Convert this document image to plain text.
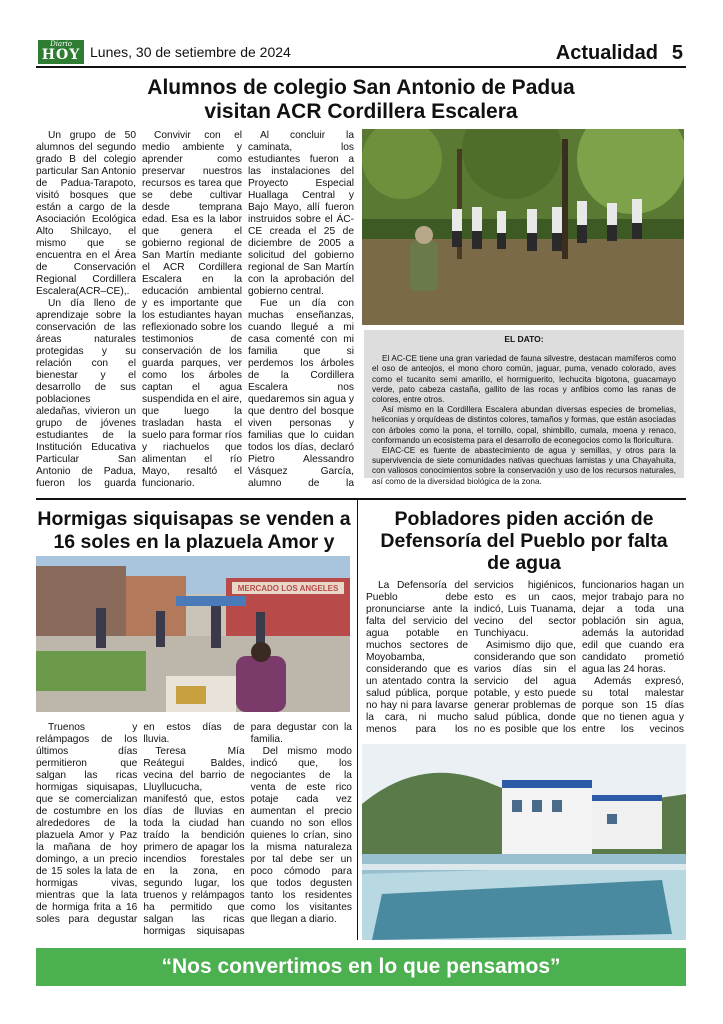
Diario
HOY Lunes, 30 de setiembre de 2024	Actualidad 5
Alumnos de colegio San Antonio de Padua
visitan ACR Cordillera Escalera

Un grupo de 50 alumnos del segundo grado B del colegio particular San Antonio de Padua-Tarapoto, visitó bosques que están a cargo de la Asociación Ecológica Alto Shilcayo, el mismo que se encuentra en el Área de Conservación Regional Cordillera Escalera(ACR–CE),.

Un día lleno de aprendizaje sobre la conservación de las áreas naturales protegidas y su relación con el bienestar y el desarrollo de sus poblaciones aledañas, vivieron un grupo de jóvenes estudiantes de la Institución Educativa Particular San Antonio de Padua, fueron los guarda

Convivir con el medio ambiente y aprender como preservar nuestros recursos es tarea que se debe cultivar desde temprana edad. Esa es la labor que genera el gobierno regional de San Martín mediante el ACR Cordillera Escalera en la educación ambiental y es importante que los estudiantes hayan reflexionado sobre los testimonios de conservación de los guarda parques, ver como los árboles captan el agua suspendida en el aire, que luego la trasladan hasta el suelo para formar ríos y riachuelos que alimentan el río Mayo, resaltó el funcionario.

Al concluir la caminata, los estudiantes fueron a las instalaciones del Proyecto Especial Huallaga Central y Bajo Mayo, allí fueron instruidos sobre el ÁC-CE creada el 25 de diciembre de 2005 a solicitud del gobierno regional de San Martín con la aprobación del gobierno central.

Fue un día con muchas enseñanzas, cuando llegué a mi casa comenté con mi familia que si perdemos los árboles de la Cordillera Escalera nos quedaremos sin agua y que dentro del bosque viven personas y familias que lo cuidan todos los días, declaró Pietro Alessandro Vásquez García, alumno de la

EL DATO:

El AC-CE tiene una gran variedad de fauna silvestre, destacan mamíferos como el oso de anteojos, el mono choro común, jaguar, puma, venado colorado, aves como el tucanito semi amarillo, el hormiguerito, lechucita bigotona, guacamayo verde, pato cabeza castaña, gallito de las rocas y anfibios como las ranas de colores, entre otros.

Así mismo en la Cordillera Escalera abundan diversas especies de bromelias, heliconias y orquídeas de distintos colores, tamaños y formas, que están asociadas con árboles como la pona, el tornillo, copal, shimbillo, cumala, moena y renaco, conformando un ecosistema para el desarrollo de econegocios como la floricultura.

EIAC-CE es fuente de abastecimiento de agua y semillas, y otros para la supervivencia de siete comunidades nativas quechuas lamistas y una Chayahuita, con valiosos conocimientos sobre la conservación y uso de los recursos naturales, así como de la diversidad biológica de la zona.

Hormigas siquisapas se venden a
16 soles en la plazuela Amor y
MERCADO LOS ANGELES

Truenos y relámpagos de los últimos días permitieron que salgan las ricas hormigas siquisapas, que se comercializan de costumbre en los alrededores de la plazuela Amor y Paz la mañana de hoy domingo, a un precio de 15 soles la lata de hormigas vivas, mientras que la lata de hormiga frita a 16 soles para degustar en estos días de lluvia.

Teresa Mía Reátegui Baldes, vecina del barrio de Lluyllucucha, manifestó que, estos días de lluvias en toda la ciudad han traído la bendición primero de apagar los incendios forestales en la zona, en segundo lugar, los truenos y relámpagos ha permitido que salgan las ricas hormigas siquisapas para degustar con la familia.

Del mismo modo indicó que, los negociantes de la venta de este rico potaje cada vez aumentan el precio cuando no son ellos quienes lo crían, sino la misma naturaleza por tal debe ser un poco cómodo para que todos degusten tanto los residentes como los visitantes que llegan a diario.

Pobladores piden acción de
Defensoría del Pueblo por falta
de agua

La Defensoría del Pueblo debe pronunciarse ante la falta del servicio del agua potable en muchos sectores de Moyobamba, considerando que es un atentado contra la salud pública, porque no hay ni para lavarse la cara, ni mucho menos para los servicios higiénicos, esto es un caos, indicó, Luis Tuanama, vecino del sector Tunchiyacu.

Asimismo dijo que, considerando que son varios días sin el servicio del agua potable, y esto puede generar problemas de salud pública, donde no es posible que los funcionarios hagan un mejor trabajo para no dejar a toda una población sin agua, además la autoridad edil que cuando era candidato prometió agua las 24 horas.

Además expresó, su total malestar porque son 15 días que no tienen agua y entre los vecinos

“Nos convertimos en lo que pensamos”
